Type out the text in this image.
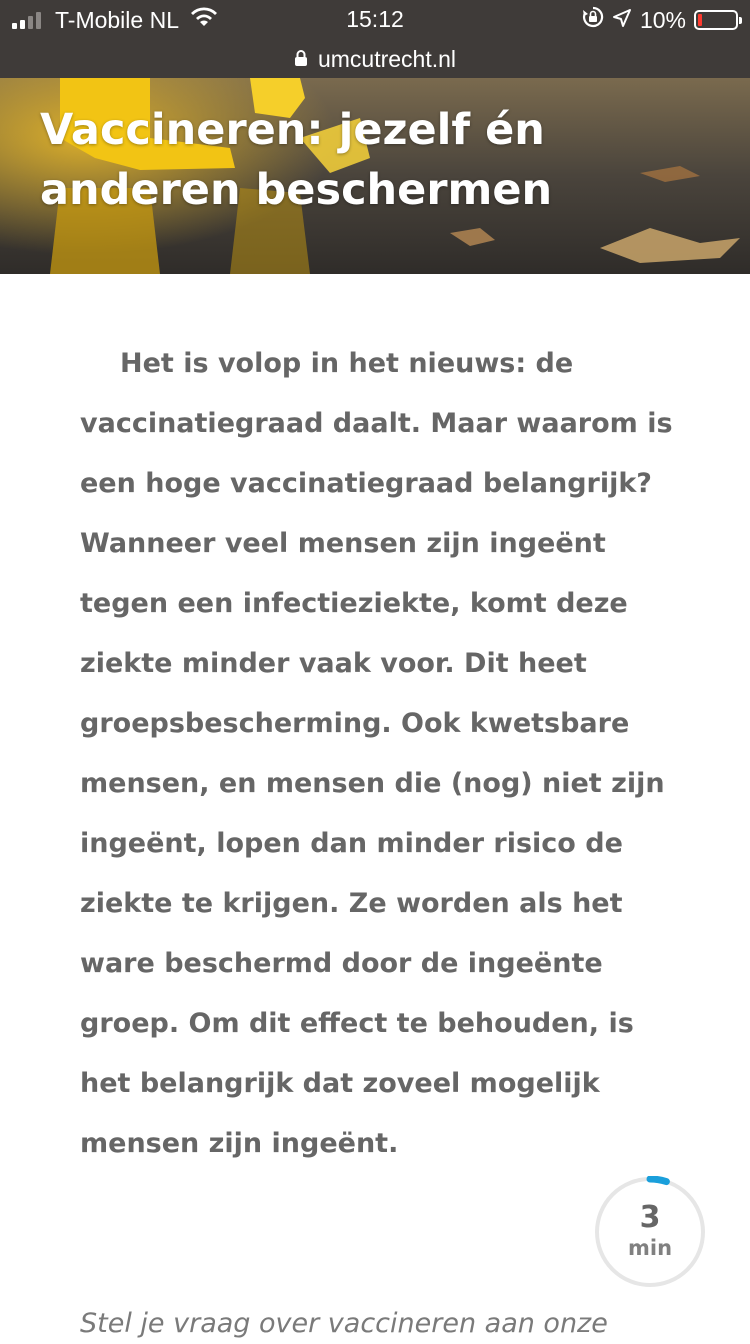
T-Mobile NL	15:12	10%
umcutrecht.nl
Vaccineren: jezelf én anderen beschermen

Het is volop in het nieuws: de vaccinatiegraad daalt. Maar waarom is een hoge vaccinatiegraad belangrijk? Wanneer veel mensen zijn ingeënt tegen een infectieziekte, komt deze ziekte minder vaak voor. Dit heet groepsbescherming. Ook kwetsbare mensen, en mensen die (nog) niet zijn ingeënt, lopen dan minder risico de ziekte te krijgen. Ze worden als het ware beschermd door de ingeënte groep. Om dit effect te behouden, is het belangrijk dat zoveel mogelijk mensen zijn ingeënt.

Stel je vraag over vaccineren aan onze

3
min
